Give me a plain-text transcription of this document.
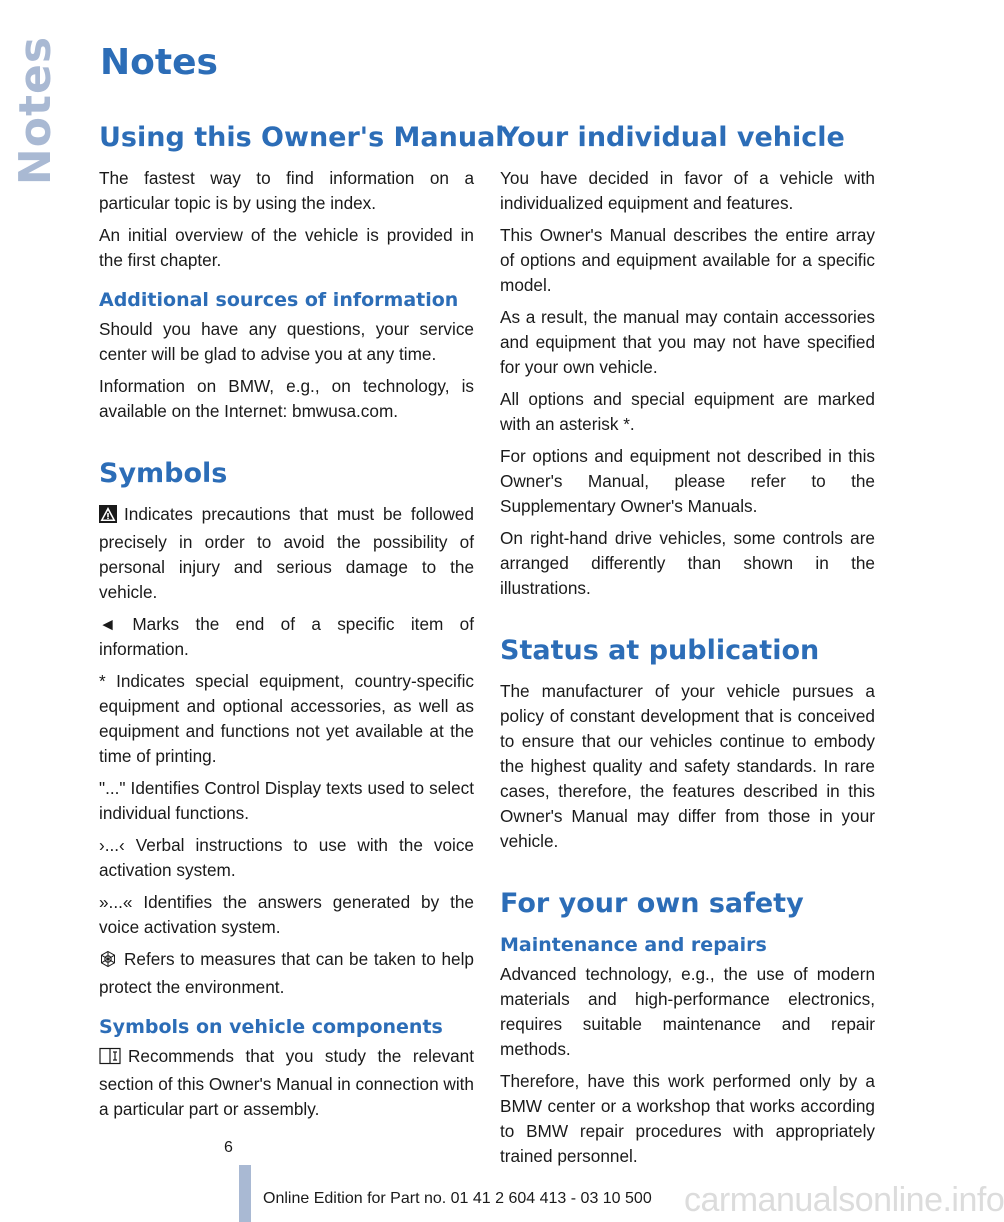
Notes Notes
Using this Owner's Manual

The fastest way to find information on a particular topic is by using the index.

An initial overview of the vehicle is provided in the first chapter.

Additional sources of information

Should you have any questions, your service center will be glad to advise you at any time.

Information on BMW, e.g., on technology, is available on the Internet: bmwusa.com.

Symbols

Indicates precautions that must be followed precisely in order to avoid the possibility of personal injury and serious damage to the vehicle.

◄ Marks the end of a specific item of information.

* Indicates special equipment, country-specific equipment and optional accessories, as well as equipment and functions not yet available at the time of printing.

"..." Identifies Control Display texts used to select individual functions.

›...‹ Verbal instructions to use with the voice activation system.

»...« Identifies the answers generated by the voice activation system.

Refers to measures that can be taken to help protect the environment.

Symbols on vehicle components

Recommends that you study the relevant section of this Owner's Manual in connection with a particular part or assembly.

Your individual vehicle

You have decided in favor of a vehicle with individualized equipment and features.

This Owner's Manual describes the entire array of options and equipment available for a specific model.

As a result, the manual may contain accessories and equipment that you may not have specified for your own vehicle.

All options and special equipment are marked with an asterisk *.

For options and equipment not described in this Owner's Manual, please refer to the Supplementary Owner's Manuals.

On right-hand drive vehicles, some controls are arranged differently than shown in the illustrations.

Status at publication

The manufacturer of your vehicle pursues a policy of constant development that is conceived to ensure that our vehicles continue to embody the highest quality and safety standards. In rare cases, therefore, the features described in this Owner's Manual may differ from those in your vehicle.

For your own safety
Maintenance and repairs

Advanced technology, e.g., the use of modern materials and high-performance electronics, requires suitable maintenance and repair methods.

Therefore, have this work performed only by a BMW center or a workshop that works according to BMW repair procedures with appropriately trained personnel.

6
Online Edition for Part no. 01 41 2 604 413 - 03 10 500 carmanualsonline.info
